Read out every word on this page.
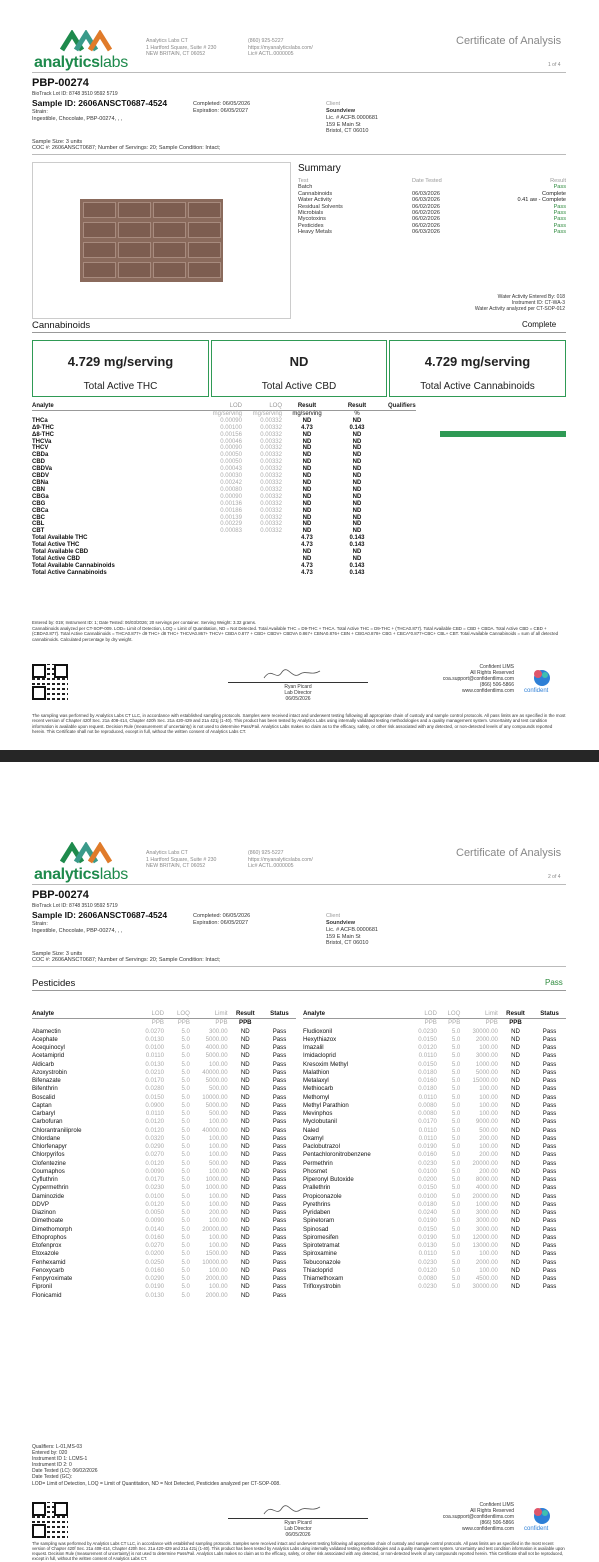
analyticslabs
Analytics Labs CT
1 Hartford Square, Suite # 230
NEW BRITAIN, CT 06052
(860) 925-5227
https://myanalyticslabs.com/
Lic# ACTL.0000005
Certificate of Analysis
1 of 4
PBP-00274
BioTrack Lot ID: 8748 3510 9592 5719
Sample ID: 2606ANSCT0687-4524	Completed: 06/05/2026
Expiration: 06/05/2027
Strain:
Ingestible, Chocolate, PBP-00274, , ,
Client
Soundview
Lic. # ACFB.0000681
159 E Main St
Bristol, CT 06010
Sample Size: 3 units
COC #: 2606ANSCT0687; Number of Servings: 20; Sample Condition: Intact;
Summary
Test	Date Tested	Result
Batch		Pass
Cannabinoids	06/03/2026	Complete
Water Activity	06/03/2026	0.41 aw - Complete
Residual Solvents	06/02/2026	Pass
Microbials	06/02/2026	Pass
Mycotoxins	06/02/2026	Pass
Pesticides	06/02/2026	Pass
Heavy Metals	06/03/2026	Pass
Water Activity Entered By: 018
Instrument ID: CT-WA-3
Water Activity analyzed per CT-SOP-012
Cannabinoids	Complete
4.729 mg/serving
Total Active THC
ND
Total Active CBD
4.729 mg/serving
Total Active Cannabinoids
Analyte	LOD	LOQ	Result	Result	Qualifiers
	mg/serving	mg/serving	mg/serving	%	
THCa	0.00090	0.00332	ND	ND	
Δ9-THC	0.00100	0.00332	4.73	0.143	
Δ8-THC	0.00156	0.00332	ND	ND	
THCVa	0.00046	0.00332	ND	ND	
THCV	0.00090	0.00332	ND	ND	
CBDa	0.00050	0.00332	ND	ND	
CBD	0.00050	0.00332	ND	ND	
CBDVa	0.00043	0.00332	ND	ND	
CBDV	0.00030	0.00332	ND	ND	
CBNa	0.00242	0.00332	ND	ND	
CBN	0.00080	0.00332	ND	ND	
CBGa	0.00090	0.00332	ND	ND	
CBG	0.00136	0.00332	ND	ND	
CBCa	0.00186	0.00332	ND	ND	
CBC	0.00139	0.00332	ND	ND	
CBL	0.00229	0.00332	ND	ND	
CBT	0.00083	0.00332	ND	ND	
Total Available THC			4.73	0.143	
Total Active THC			4.73	0.143	
Total Available CBD			ND	ND	
Total Active CBD			ND	ND	
Total Available Cannabinoids			4.73	0.143	
Total Active Cannabinoids			4.73	0.143	
Entered by: 019; Instrument ID: 1; Date Tested: 06/03/2026; 20 servings per container. Serving Weight: 3.32 grams.
Cannabinoids analyzed per CT-SOP-009. LOD= Limit of Detection, LOQ = Limit of Quantitation, ND = Not Detected. Total Available THC = D9-THC + THCA. Total Active THC = D9-THC + (THCA0.877). Total Available CBD = CBD + CBDA. Total Active CBD = CBD + (CBDA0.877). Total Active Cannabinoids = THCA0.877+ d9 THC+ d8 THC+ THCVA0.867+ THCV+ CBDA 0.877 + CBD+ CBDV+ CBDVA 0.867+ CBNA0.876+ CBN + CBGA0.878+ CBG + CBCA*0.877+CBC+ CBL+ CBT. Total Available Cannabinoids = sum of all detected cannabinoids. Calculated percentage by dry weight.
Ryan Picard
Lab Director
06/05/2026
Confident LIMS
All Rights Reserved
coa.support@confidentlims.com
(866) 506-5866
www.confidentlims.com confident
The sampling was performed by Analytics Labs CT LLC, in accordance with established sampling protocols. Samples were received intact and underwent testing following all appropriate chain of custody and sample control protocols. All pass limits are as specified in the most recent version of Chapter 420f Sec. 21a 408-414, Chapter 420h Sec. 21a 420-429 and 21a 421j (1-40). This product has been tested by Analytics Labs using internally validated testing methodologies and a quality management system. Uncertainty and test condition information is available upon request. Decision Rule (measurement of uncertainty) is not used to determine Pass/Fail. Analytics Labs makes no claim as to the efficacy, safety, or other risk associated with any detected, or non-detected levels of any compounds reported herein. This Certificate shall not be reproduced, except in full, without the written consent of Analytics Labs CT.
analyticslabs
Analytics Labs CT
1 Hartford Square, Suite # 230
NEW BRITAIN, CT 06052
(860) 925-5227
https://myanalyticslabs.com/
Lic# ACTL.0000005
Certificate of Analysis
2 of 4
PBP-00274
BioTrack Lot ID: 8748 3510 9592 5719
Sample ID: 2606ANSCT0687-4524	Completed: 06/05/2026
Expiration: 06/05/2027
Strain:
Ingestible, Chocolate, PBP-00274, , ,
Client
Soundview
Lic. # ACFB.0000681
159 E Main St
Bristol, CT 06010
Sample Size: 3 units
COC #: 2606ANSCT0687; Number of Servings: 20; Sample Condition: Intact;
Pesticides	Pass
Analyte	LOD	LOQ	Limit	Result	Status
	PPB	PPB	PPB	PPB	
Abamectin	0.0270	5.0	300.00	ND	Pass
Acephate	0.0130	5.0	5000.00	ND	Pass
Acequinocyl	0.0100	5.0	4000.00	ND	Pass
Acetamiprid	0.0110	5.0	5000.00	ND	Pass
Aldicarb	0.0130	5.0	100.00	ND	Pass
Azoxystrobin	0.0210	5.0	40000.00	ND	Pass
Bifenazate	0.0170	5.0	5000.00	ND	Pass
Bifenthrin	0.0280	5.0	500.00	ND	Pass
Boscalid	0.0150	5.0	10000.00	ND	Pass
Captan	0.0900	5.0	5000.00	ND	Pass
Carbaryl	0.0110	5.0	500.00	ND	Pass
Carbofuran	0.0120	5.0	100.00	ND	Pass
Chlorantraniliprole	0.0120	5.0	40000.00	ND	Pass
Chlordane	0.0320	5.0	100.00	ND	Pass
Chlorfenapyr	0.0290	5.0	100.00	ND	Pass
Chlorpyrifos	0.0270	5.0	100.00	ND	Pass
Clofentezine	0.0120	5.0	500.00	ND	Pass
Coumaphos	0.0090	5.0	100.00	ND	Pass
Cyfluthrin	0.0170	5.0	1000.00	ND	Pass
Cypermethrin	0.0230	5.0	1000.00	ND	Pass
Daminozide	0.0100	5.0	100.00	ND	Pass
DDVP	0.0120	5.0	100.00	ND	Pass
Diazinon	0.0050	5.0	200.00	ND	Pass
Dimethoate	0.0090	5.0	100.00	ND	Pass
Dimethomorph	0.0140	5.0	20000.00	ND	Pass
Ethoprophos	0.0160	5.0	100.00	ND	Pass
Etofenprox	0.0270	5.0	100.00	ND	Pass
Etoxazole	0.0200	5.0	1500.00	ND	Pass
Fenhexamid	0.0250	5.0	10000.00	ND	Pass
Fenoxycarb	0.0160	5.0	100.00	ND	Pass
Fenpyroximate	0.0290	5.0	2000.00	ND	Pass
Fipronil	0.0190	5.0	100.00	ND	Pass
Flonicamid	0.0130	5.0	2000.00	ND	Pass
Analyte	LOD	LOQ	Limit	Result	Status
	PPB	PPB	PPB	PPB	
Fludioxonil	0.0230	5.0	30000.00	ND	Pass
Hexythiazox	0.0150	5.0	2000.00	ND	Pass
Imazalil	0.0120	5.0	100.00	ND	Pass
Imidacloprid	0.0110	5.0	3000.00	ND	Pass
Kresoxim Methyl	0.0150	5.0	1000.00	ND	Pass
Malathion	0.0180	5.0	5000.00	ND	Pass
Metalaxyl	0.0160	5.0	15000.00	ND	Pass
Methiocarb	0.0180	5.0	100.00	ND	Pass
Methomyl	0.0110	5.0	100.00	ND	Pass
Methyl Parathion	0.0080	5.0	100.00	ND	Pass
Mevinphos	0.0080	5.0	100.00	ND	Pass
Myclobutanil	0.0170	5.0	9000.00	ND	Pass
Naled	0.0110	5.0	500.00	ND	Pass
Oxamyl	0.0110	5.0	200.00	ND	Pass
Paclobutrazol	0.0190	5.0	100.00	ND	Pass
Pentachloronitrobenzene	0.0160	5.0	200.00	ND	Pass
Permethrin	0.0230	5.0	20000.00	ND	Pass
Phosmet	0.0100	5.0	200.00	ND	Pass
Piperonyl Butoxide	0.0200	5.0	8000.00	ND	Pass
Prallethrin	0.0150	5.0	4000.00	ND	Pass
Propiconazole	0.0100	5.0	20000.00	ND	Pass
Pyrethrins	0.0180	5.0	1000.00	ND	Pass
Pyridaben	0.0240	5.0	3000.00	ND	Pass
Spinetoram	0.0190	5.0	3000.00	ND	Pass
Spinosad	0.0150	5.0	3000.00	ND	Pass
Spiromesifen	0.0190	5.0	12000.00	ND	Pass
Spirotetramat	0.0130	5.0	13000.00	ND	Pass
Spiroxamine	0.0110	5.0	100.00	ND	Pass
Tebuconazole	0.0230	5.0	2000.00	ND	Pass
Thiacloprid	0.0120	5.0	100.00	ND	Pass
Thiamethoxam	0.0080	5.0	4500.00	ND	Pass
Trifloxystrobin	0.0230	5.0	30000.00	ND	Pass
Qualifiers: L-01,MS-03
Entered by: 020
Instrument ID 1: LCMS-1
Instrument ID 2: 0
Date Tested (LC): 06/02/2026
Date Tested (GC):
LOD= Limit of Detection, LOQ = Limit of Quantitation, ND = Not Detected, Pesticides analyzed per CT-SOP-008.
Ryan Picard
Lab Director
06/05/2026
Confident LIMS
All Rights Reserved
coa.support@confidentlims.com
(866) 506-5866
www.confidentlims.com confident
The sampling was performed by Analytics Labs CT LLC, in accordance with established sampling protocols. Samples were received intact and underwent testing following all appropriate chain of custody and sample control protocols. All pass limits are as specified in the most recent version of Chapter 420f Sec. 21a 408-414, Chapter 420h Sec. 21a 420-429 and 21a 421j (1-40). This product has been tested by Analytics Labs using internally validated testing methodologies and a quality management system. Uncertainty and test condition information is available upon request. Decision Rule (measurement of uncertainty) is not used to determine Pass/Fail. Analytics Labs makes no claim as to the efficacy, safety, or other risk associated with any detected, or non-detected levels of any compounds reported herein. This Certificate shall not be reproduced, except in full, without the written consent of Analytics Labs CT.
